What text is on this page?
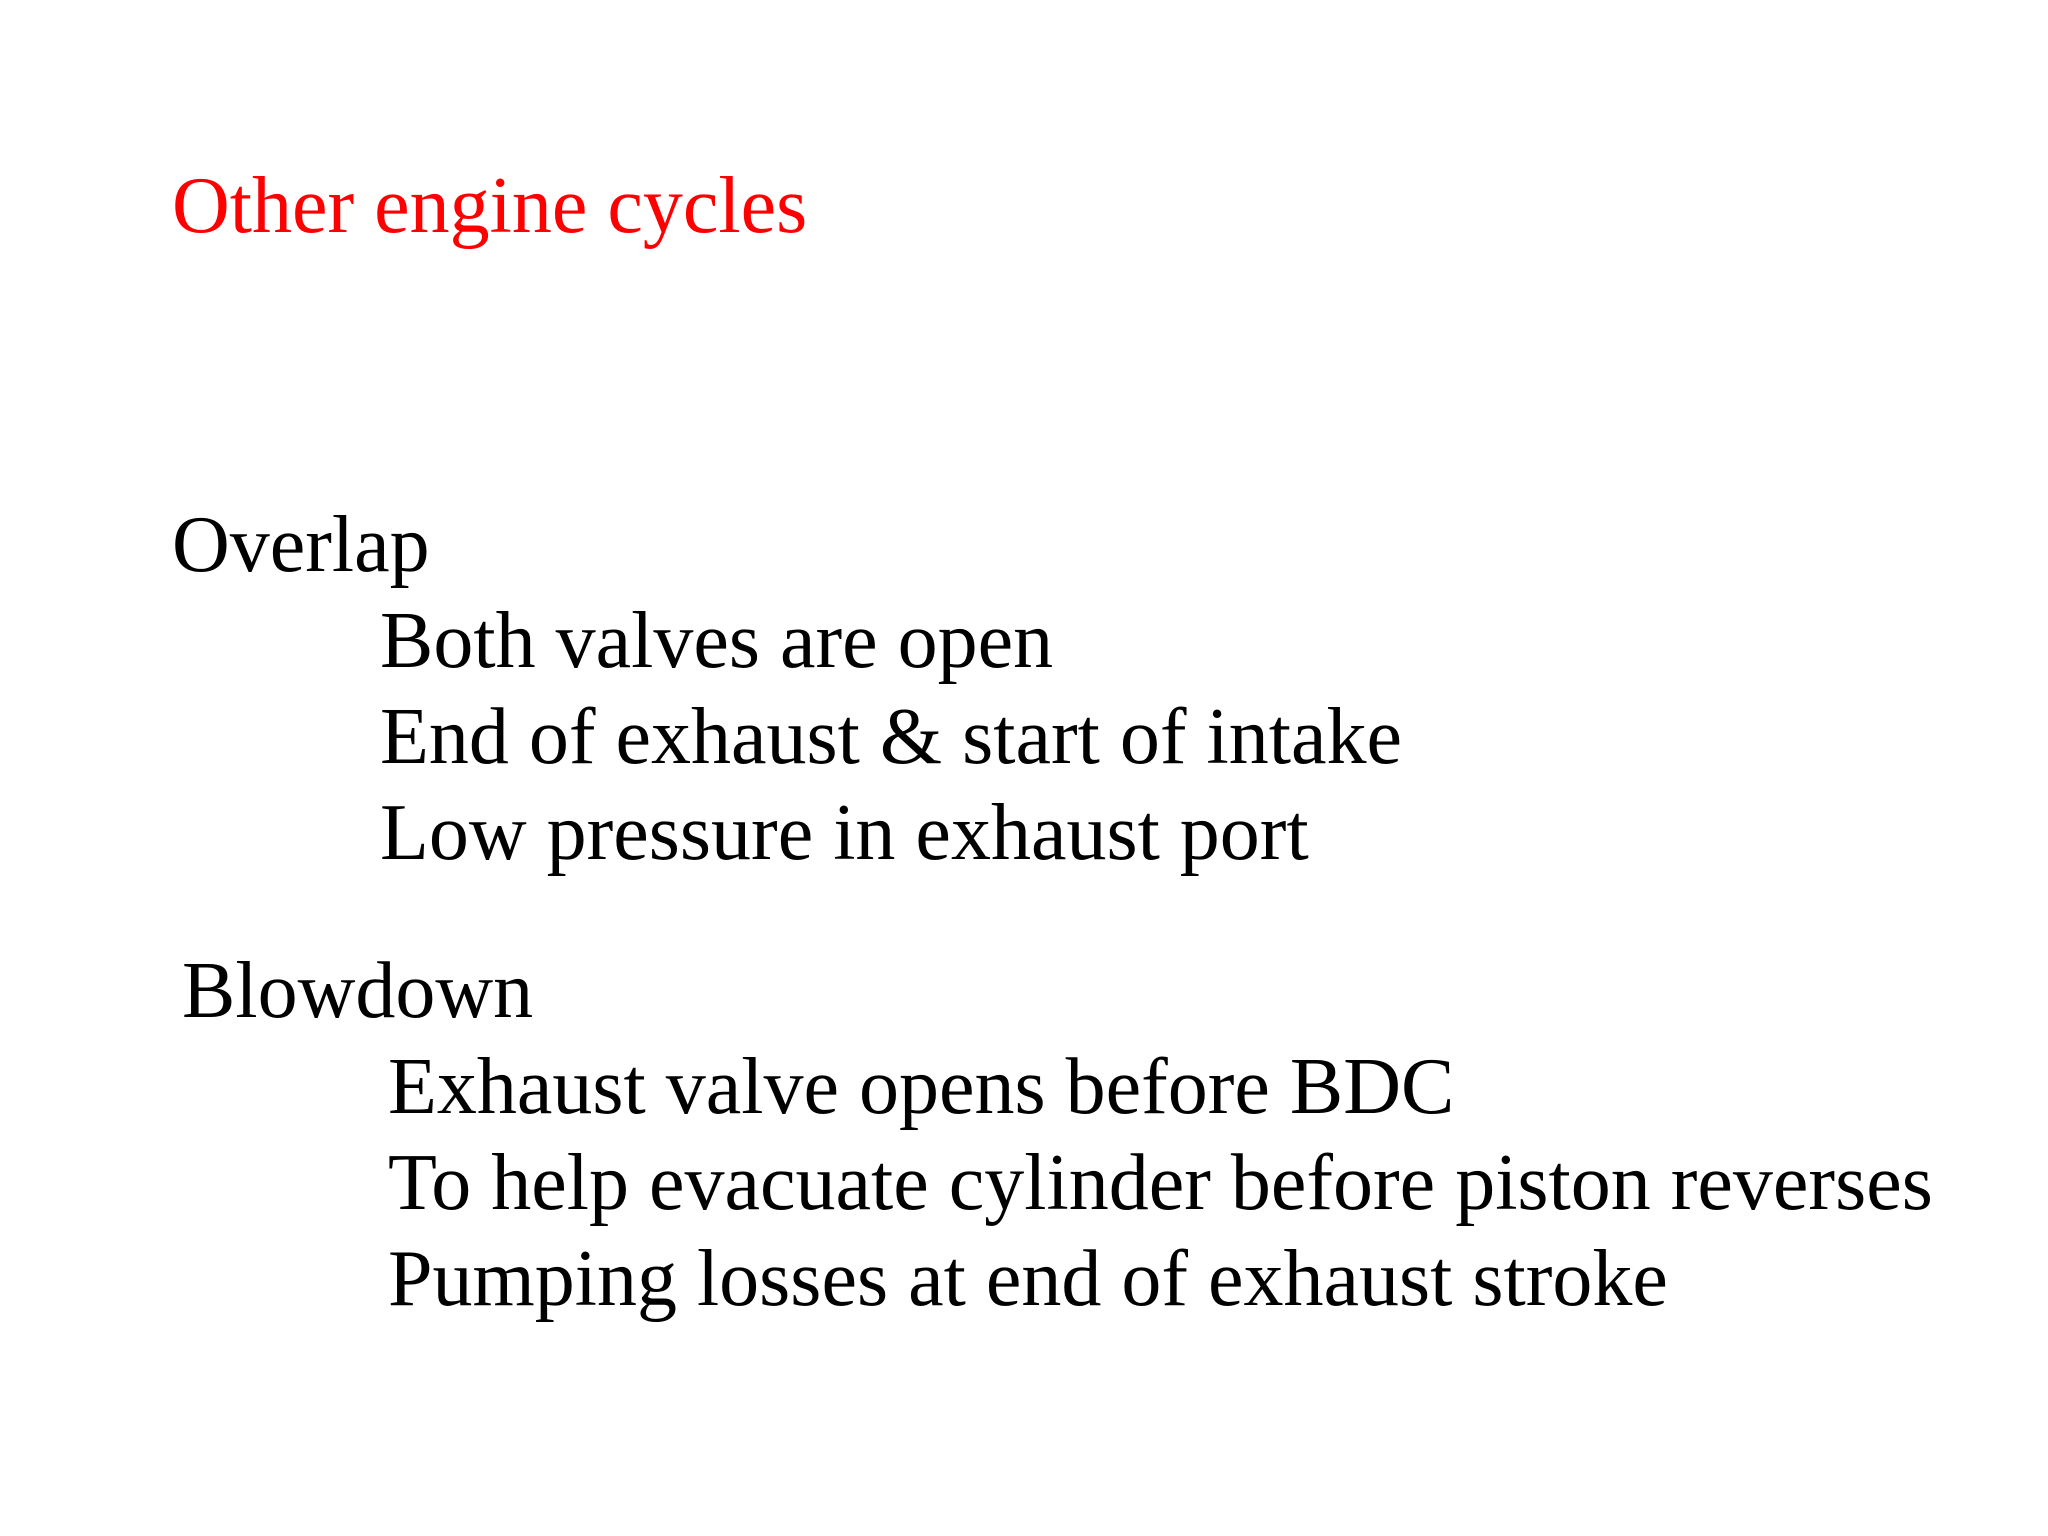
Other engine cycles
Overlap
Both valves are open
End of exhaust & start of intake
Low pressure in exhaust port
Blowdown
Exhaust valve opens before BDC
To help evacuate cylinder before piston reverses
Pumping losses at end of exhaust stroke
